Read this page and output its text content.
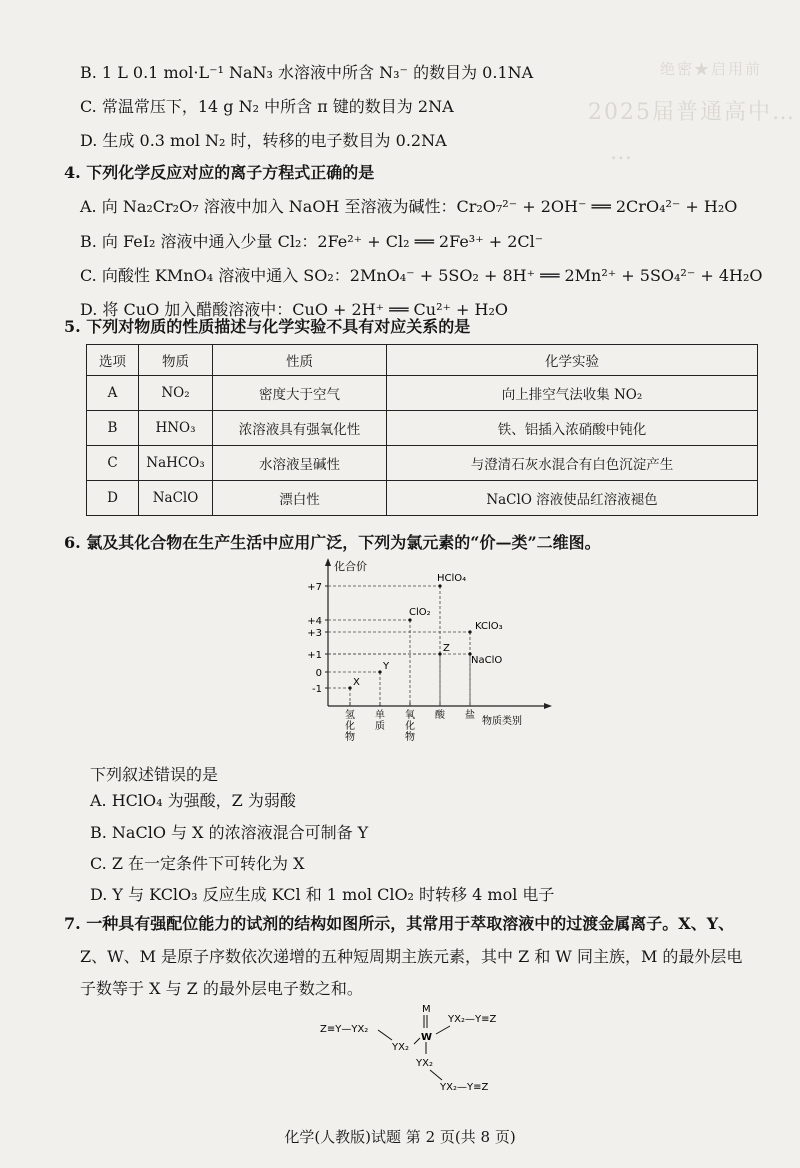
绝密★启用前
2025届普通高中…
…
B. 1 L 0.1 mol·L⁻¹ NaN₃ 水溶液中所含 N₃⁻ 的数目为 0.1NA
C. 常温常压下，14 g N₂ 中所含 π 键的数目为 2NA
D. 生成 0.3 mol N₂ 时，转移的电子数目为 0.2NA
4. 下列化学反应对应的离子方程式正确的是
A. 向 Na₂Cr₂O₇ 溶液中加入 NaOH 至溶液为碱性：Cr₂O₇²⁻ + 2OH⁻ ══ 2CrO₄²⁻ + H₂O
B. 向 FeI₂ 溶液中通入少量 Cl₂：2Fe²⁺ + Cl₂ ══ 2Fe³⁺ + 2Cl⁻
C. 向酸性 KMnO₄ 溶液中通入 SO₂：2MnO₄⁻ + 5SO₂ + 8H⁺ ══ 2Mn²⁺ + 5SO₄²⁻ + 4H₂O
D. 将 CuO 加入醋酸溶液中：CuO + 2H⁺ ══ Cu²⁺ + H₂O
5. 下列对物质的性质描述与化学实验不具有对应关系的是
选项	物质	性质	化学实验
A	NO₂	密度大于空气	向上排空气法收集 NO₂
B	HNO₃	浓溶液具有强氧化性	铁、铝插入浓硝酸中钝化
C	NaHCO₃	水溶液呈碱性	与澄清石灰水混合有白色沉淀产生
D	NaClO	漂白性	NaClO 溶液使品红溶液褪色
6. 氯及其化合物在生产生活中应用广泛，下列为氯元素的“价—类”二维图。
化合价
物质类别
+7
+4
+3
+1
0
-1
氢化物
单质
氧化物
酸 盐
X
Y
ClO₂
HClO₄
Z
KClO₃
NaClO
下列叙述错误的是
A. HClO₄ 为强酸，Z 为弱酸
B. NaClO 与 X 的浓溶液混合可制备 Y
C. Z 在一定条件下可转化为 X
D. Y 与 KClO₃ 反应生成 KCl 和 1 mol ClO₂ 时转移 4 mol 电子
7. 一种具有强配位能力的试剂的结构如图所示，其常用于萃取溶液中的过渡金属离子。X、Y、
Z、W、M 是原子序数依次递增的五种短周期主族元素，其中 Z 和 W 同主族，M 的最外层电
子数等于 X 与 Z 的最外层电子数之和。
M
W
Z≡Y—YX₂
YX₂
YX₂—Y≡Z
YX₂
YX₂—Y≡Z
化学(人教版)试题 第 2 页(共 8 页)
